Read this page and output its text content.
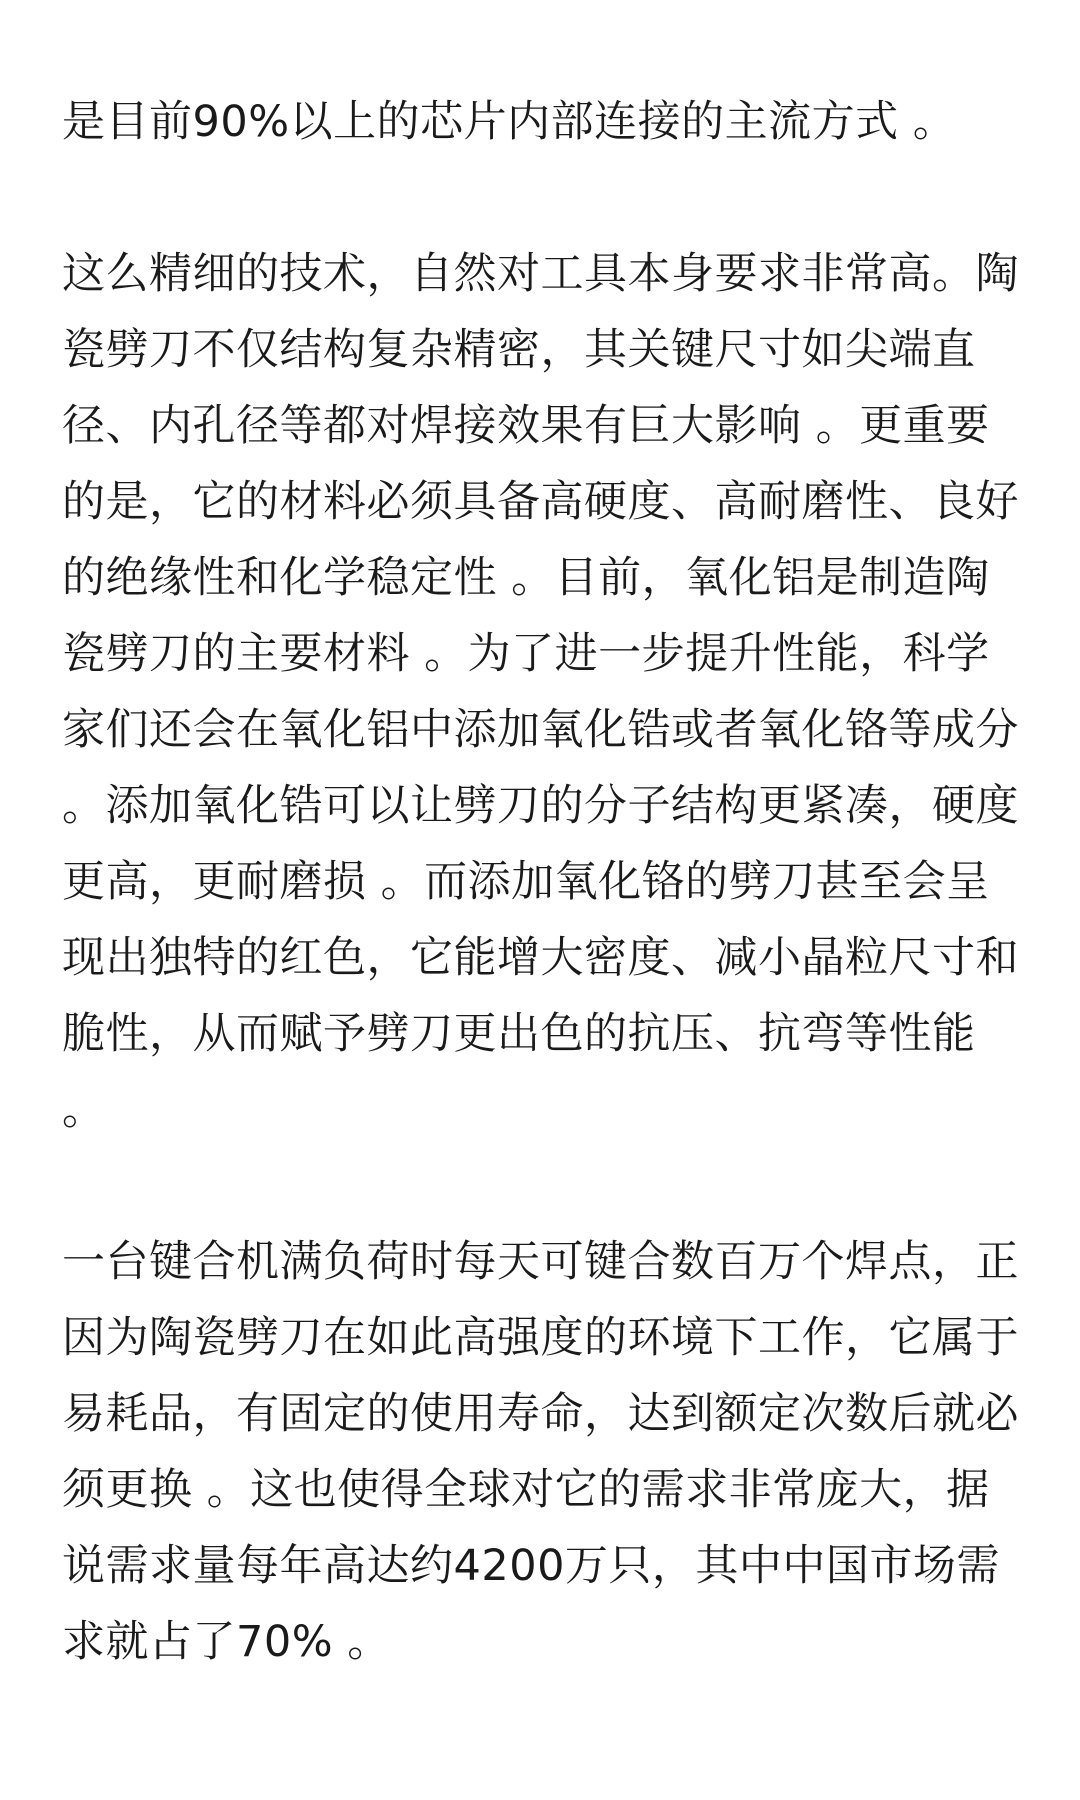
是目前90%以上的芯片内部连接的主流方式 。
这么精细的技术，自然对工具本身要求非常高。陶
瓷劈刀不仅结构复杂精密，其关键尺寸如尖端直
径、内孔径等都对焊接效果有巨大影响 。更重要
的是，它的材料必须具备高硬度、高耐磨性、良好
的绝缘性和化学稳定性 。目前，氧化铝是制造陶
瓷劈刀的主要材料 。为了进一步提升性能，科学
家们还会在氧化铝中添加氧化锆或者氧化铬等成分
。添加氧化锆可以让劈刀的分子结构更紧凑，硬度
更高，更耐磨损 。而添加氧化铬的劈刀甚至会呈
现出独特的红色，它能增大密度、减小晶粒尺寸和
脆性，从而赋予劈刀更出色的抗压、抗弯等性能
。
一台键合机满负荷时每天可键合数百万个焊点，正
因为陶瓷劈刀在如此高强度的环境下工作，它属于
易耗品，有固定的使用寿命，达到额定次数后就必
须更换 。这也使得全球对它的需求非常庞大，据
说需求量每年高达约4200万只，其中中国市场需
求就占了70% 。
